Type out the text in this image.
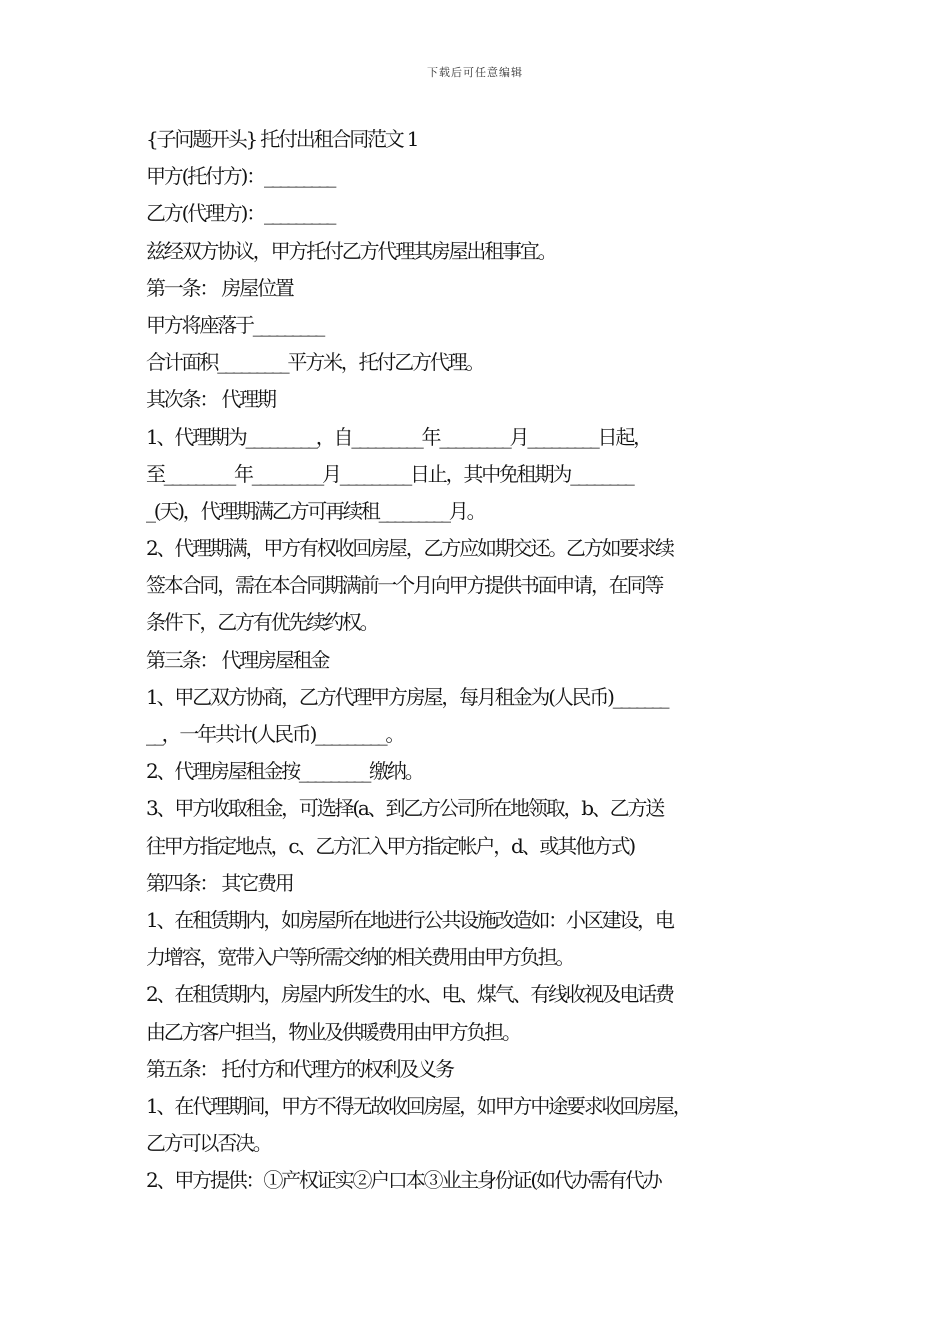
下载后可任意编辑
{子问题开头} 托付出租合同范文 1
甲方(托付方)：_________
乙方(代理方)：_________
兹经双方协议，甲方托付乙方代理其房屋出租事宜。
第一条： 房屋位置
甲方将座落于_________
合计面积_________平方米，托付乙方代理。
其次条： 代理期
1、代理期为_________，自_________年_________月_________日起，
至_________年_________月_________日止，其中免租期为________
_(天)，代理期满乙方可再续租_________月。
2、代理期满，甲方有权收回房屋，乙方应如期交还。乙方如要求续
签本合同，需在本合同期满前一个月向甲方提供书面申请，在同等
条件下，乙方有优先续约权。
第三条： 代理房屋租金
1、甲乙双方协商，乙方代理甲方房屋，每月租金为(人民币)_______
__，一年共计(人民币)_________。
2、代理房屋租金按_________缴纳。
3、甲方收取租金，可选择(a、到乙方公司所在地领取，b、乙方送
往甲方指定地点，c、乙方汇入甲方指定帐户，d、或其他方式)
第四条： 其它费用
1、在租赁期内，如房屋所在地进行公共设施改造如：小区建设，电
力增容，宽带入户等所需交纳的相关费用由甲方负担。
2、在租赁期内，房屋内所发生的水、电、煤气、有线收视及电话费
由乙方客户担当，物业及供暖费用由甲方负担。
第五条： 托付方和代理方的权利及义务
1、在代理期间，甲方不得无故收回房屋，如甲方中途要求收回房屋，
乙方可以否决。
2、甲方提供：①产权证实②户口本③业主身份证(如代办需有代办
